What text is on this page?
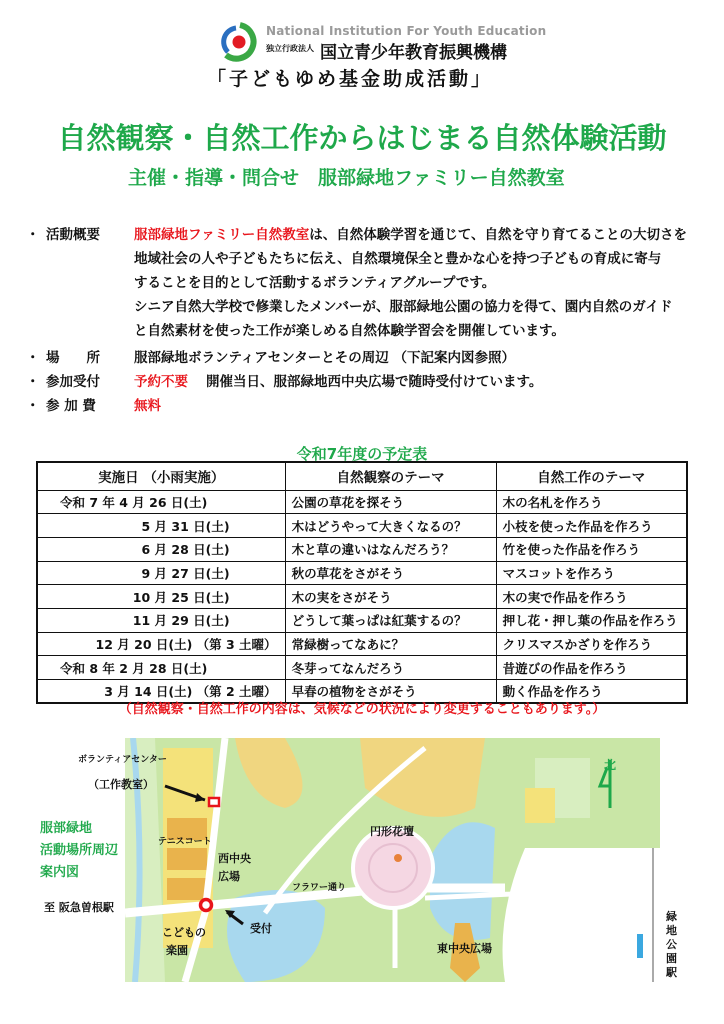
National Institution For Youth Education
独立行政法人 国立青少年教育振興機構
「子どもゆめ基金助成活動」
自然観察・自然工作からはじまる自然体験活動
主催・指導・問合せ　服部緑地ファミリー自然教室
・ 活動概要	服部緑地ファミリー自然教室は、自然体験学習を通じて、自然を守り育てることの大切さを
地域社会の人や子どもたちに伝え、自然環境保全と豊かな心を持つ子どもの育成に寄与
することを目的として活動するボランティアグループです。
シニア自然大学校で修業したメンバーが、服部緑地公園の協力を得て、園内自然のガイド
と自然素材を使った工作が楽しめる自然体験学習会を開催しています。
・ 場　　所	服部緑地ボランティアセンターとその周辺 （下記案内図参照）
・ 参加受付	予約不要 開催当日、服部緑地西中央広場で随時受付けています。
・ 参 加 費	無料
令和7年度の予定表
実施日 （小雨実施）	自然観察のテーマ	自然工作のテーマ
令和 7 年 4 月 26 日(土)	公園の草花を探そう	木の名札を作ろう
5 月 31 日(土)	木はどうやって大きくなるの？	小枝を使った作品を作ろう
6 月 28 日(土)	木と草の違いはなんだろう？	竹を使った作品を作ろう
9 月 27 日(土)	秋の草花をさがそう	マスコットを作ろう
10 月 25 日(土)	木の実をさがそう	木の実で作品を作ろう
11 月 29 日(土)	どうして葉っぱは紅葉するの？	押し花・押し葉の作品を作ろう
12 月 20 日(土) （第 3 土曜）	常緑樹ってなあに？	クリスマスかざりを作ろう
令和 8 年 2 月 28 日(土)	冬芽ってなんだろう	昔遊びの作品を作ろう
3 月 14 日(土) （第 2 土曜）	早春の植物をさがそう	動く作品を作ろう
（自然観察・自然工作の内容は、気候などの状況により変更することもあります。）
服部緑地
活動場所周辺
案内図
ボランティアセンター
（工作教室）
テニスコート
西中央
広場
フラワー通り
円形花壇
至 阪急曽根駅
受付
こどもの
楽園	東中央広場
北
緑地公園駅
